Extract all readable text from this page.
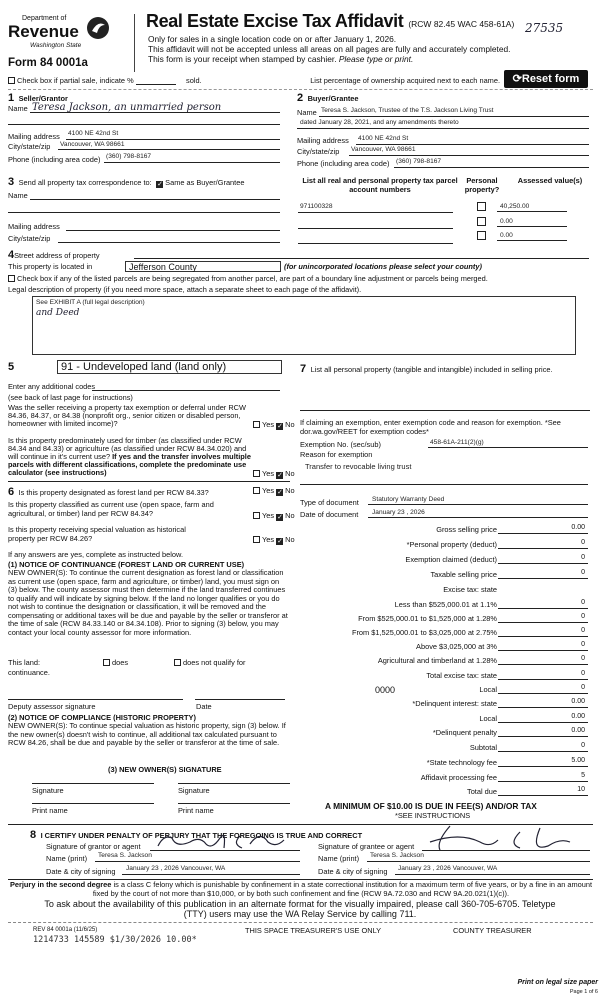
Department of
Revenue
Washington State
Form 84 0001a
Real Estate Excise Tax Affidavit (RCW 82.45 WAC 458-61A) 27535
Only for sales in a single location code on or after January 1, 2026.
This affidavit will not be accepted unless all areas on all pages are fully and accurately completed.
This form is your receipt when stamped by cashier. Please type or print.
⟳Reset form
Check box if partial sale, indicate %	sold.	List percentage of ownership acquired next to each name.
1 Seller/Grantor
Name Teresa Jackson, an unmarried person
Mailing address 4100 NE 42nd St
City/state/zip Vancouver, WA 98661
Phone (including area code) (360) 798-8167
2 Buyer/Grantee
Name Teresa S. Jackson, Trustee of the T.S. Jackson Living Trust
dated January 28, 2021, and any amendments thereto
Mailing address 4100 NE 42nd St
City/state/zip Vancouver, WA 98661
Phone (including area code) (360) 798-8167
3 Send all property tax correspondence to: ✓ Same as Buyer/Grantee
Name
Mailing address
City/state/zip
List all real and personal property tax parcel account numbers
Personal property?
Assessed value(s)
971100328	40,250.00
0.00
0.00
4Street address of property
This property is located in	Jefferson County	(for unincorporated locations please select your county)
Check box if any of the listed parcels are being segregated from another parcel, are part of a boundary line adjustment or parcels being merged.
Legal description of property (if you need more space, attach a separate sheet to each page of the affidavit).
See EXHIBIT A (full legal description)
and Deed
5	91 - Undeveloped land (land only)
Enter any additional codes
(see back of last page for instructions)
Was the seller receiving a property tax exemption or deferral under RCW 84.36, 84.37, or 84.38 (nonprofit org., senior citizen or disabled person, homeowner with limited income)?	Yes ✓ No
Is this property predominately used for timber (as classified under RCW 84.34 and 84.33) or agriculture (as classified under RCW 84.34.020) and will continue in it's current use? If yes and the transfer involves multiple parcels with different classifications, complete the predominate use calculator (see instructions)	Yes ✓ No
6 Is this property designated as forest land per RCW 84.33?	Yes ✓ No
Is this property classified as current use (open space, farm and agricultural, or timber) land per RCW 84.34?	Yes ✓ No
Is this property receiving special valuation as historical property per RCW 84.26?	Yes ✓ No
If any answers are yes, complete as instructed below.
(1) NOTICE OF CONTINUANCE (FOREST LAND OR CURRENT USE)
NEW OWNER(S): To continue the current designation as forest land or classification as current use (open space, farm and agriculture, or timber) land, you must sign on (3) below. The county assessor must then determine if the land transferred continues to qualify and will indicate by signing below. If the land no longer qualifies or you do not wish to continue the designation or classification, it will be removed and the compensating or additional taxes will be due and payable by the seller or transferor at the time of sale (RCW 84.33.140 or 84.34.108). Prior to signing (3) below, you may contact your local county assessor for more information.
This land:	does	does not qualify for
continuance.
Deputy assessor signature	Date
(2) NOTICE OF COMPLIANCE (HISTORIC PROPERTY)
NEW OWNER(S): To continue special valuation as historic property, sign (3) below. If the new owner(s) doesn't wish to continue, all additional tax calculated pursuant to RCW 84.26, shall be due and payable by the seller or transferor at the time of sale.
(3) NEW OWNER(S) SIGNATURE
Signature	Signature
Print name	Print name
7 List all personal property (tangible and intangible) included in selling price.
If claiming an exemption, enter exemption code and reason for exemption. *See dor.wa.gov/REET for exemption codes*
Exemption No. (sec/sub)	458-61A-211(2)(g)
Reason for exemption
Transfer to revocable living trust
Type of document Statutory Warranty Deed
Date of document January 23 , 2026
Gross selling price	0.00
*Personal property (deduct)	0
Exemption claimed (deduct)	0
Taxable selling price	0
Excise tax: state
Less than $525,000.01 at 1.1%	0
From $525,000.01 to $1,525,000 at 1.28%	0
From $1,525,000.01 to $3,025,000 at 2.75%	0
Above $3,025,000 at 3%	0
Agricultural and timberland at 1.28%	0
Total excise tax: state	0
Local	0
*Delinquent interest: state	0.00
Local	0.00
*Delinquent penalty	0.00
Subtotal	0
*State technology fee	5.00
Affidavit processing fee	5
Total due	10
0000
A MINIMUM OF $10.00 IS DUE IN FEE(S) AND/OR TAX
*SEE INSTRUCTIONS
8 I CERTIFY UNDER PENALTY OF PERJURY THAT THE FOREGOING IS TRUE AND CORRECT
Signature of grantor or agent
Name (print) Teresa S. Jackson
Date & city of signing January 23 , 2026 Vancouver, WA
Signature of grantee or agent
Name (print) Teresa S. Jackson
Date & city of signing January 23 , 2026 Vancouver, WA
Perjury in the second degree is a class C felony which is punishable by confinement in a state correctional institution for a maximum term of five years, or by a fine in an amount fixed by the court of not more than $10,000, or by both such confinement and fine (RCW 9A.72.030 and RCW 9A.20.021(1)(c)).
To ask about the availability of this publication in an alternate format for the visually impaired, please call 360-705-6705. Teletype (TTY) users may use the WA Relay Service by calling 711.
REV 84 0001a (11/6/25)
1214733 145589 $1/30/2026 10.00*
THIS SPACE TREASURER'S USE ONLY	COUNTY TREASURER
Print on legal size paper
Page 1 of 6
